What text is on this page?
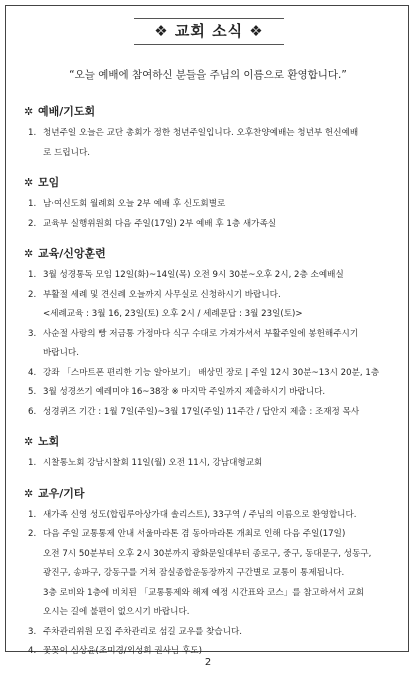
❖ 교회 소식 ❖
“오늘 예배에 참여하신 분들을 주님의 이름으로 환영합니다.”
✲ 예배/기도회
1. 청년주일 오늘은 교단 총회가 정한 청년주일입니다. 오후찬양예배는 청년부 헌신예배
로 드립니다.
✲ 모임
1. 남·여신도회 월례회 오늘 2부 예배 후 신도회별로
2. 교육부 실행위원회 다음 주일(17일) 2부 예배 후 1층 새가족실
✲ 교육/신앙훈련
1. 3월 성경통독 모임 12일(화)~14일(목) 오전 9시 30분~오후 2시, 2층 소예배실
2. 부활절 세례 및 견신례 오늘까지 사무실로 신청하시기 바랍니다.
<세례교육 : 3월 16, 23일(토) 오후 2시 / 세례문답 : 3월 23일(토)>
3. 사순절 사랑의 빵 저금통 가정마다 식구 수대로 가져가셔서 부활주일에 봉헌해주시기
바랍니다.
4. 강좌 「스마트폰 편리한 기능 알아보기」 배상민 장로 | 주일 12시 30분~13시 20분, 1층
5. 3월 성경쓰기 예레미야 16~38장 ※ 마지막 주일까지 제출하시기 바랍니다.
6. 성경퀴즈 기간 : 1월 7일(주일)~3월 17일(주일) 11주간 / 답안지 제출 : 조재정 목사
✲ 노회
1. 시찰통노회 강남시찰회 11일(월) 오전 11시, 강남대형교회
✲ 교우/기타
1. 새가족 신영 성도(합립루아상가대 솔리스트), 33구역 / 주님의 이름으로 환영합니다.
2. 다음 주일 교통통제 안내 서울마라톤 겸 동아마라톤 개최로 인해 다음 주일(17일)
오전 7시 50분부터 오후 2시 30분까지 광화문일대부터 종로구, 중구, 동대문구, 성동구,
광진구, 송파구, 강동구를 거쳐 잠실종합운동장까지 구간별로 교통이 통제됩니다.
3층 로비와 1층에 비치된 「교통통제와 해제 예정 시간표와 코스」를 참고하셔서 교회
오시는 길에 불편이 없으시기 바랍니다.
3. 주차관리위원 모집 주차관리로 섬길 교우를 찾습니다.
4. 꽃꽂이 심상윤(조미경/외성희 권사님 후도)
2
